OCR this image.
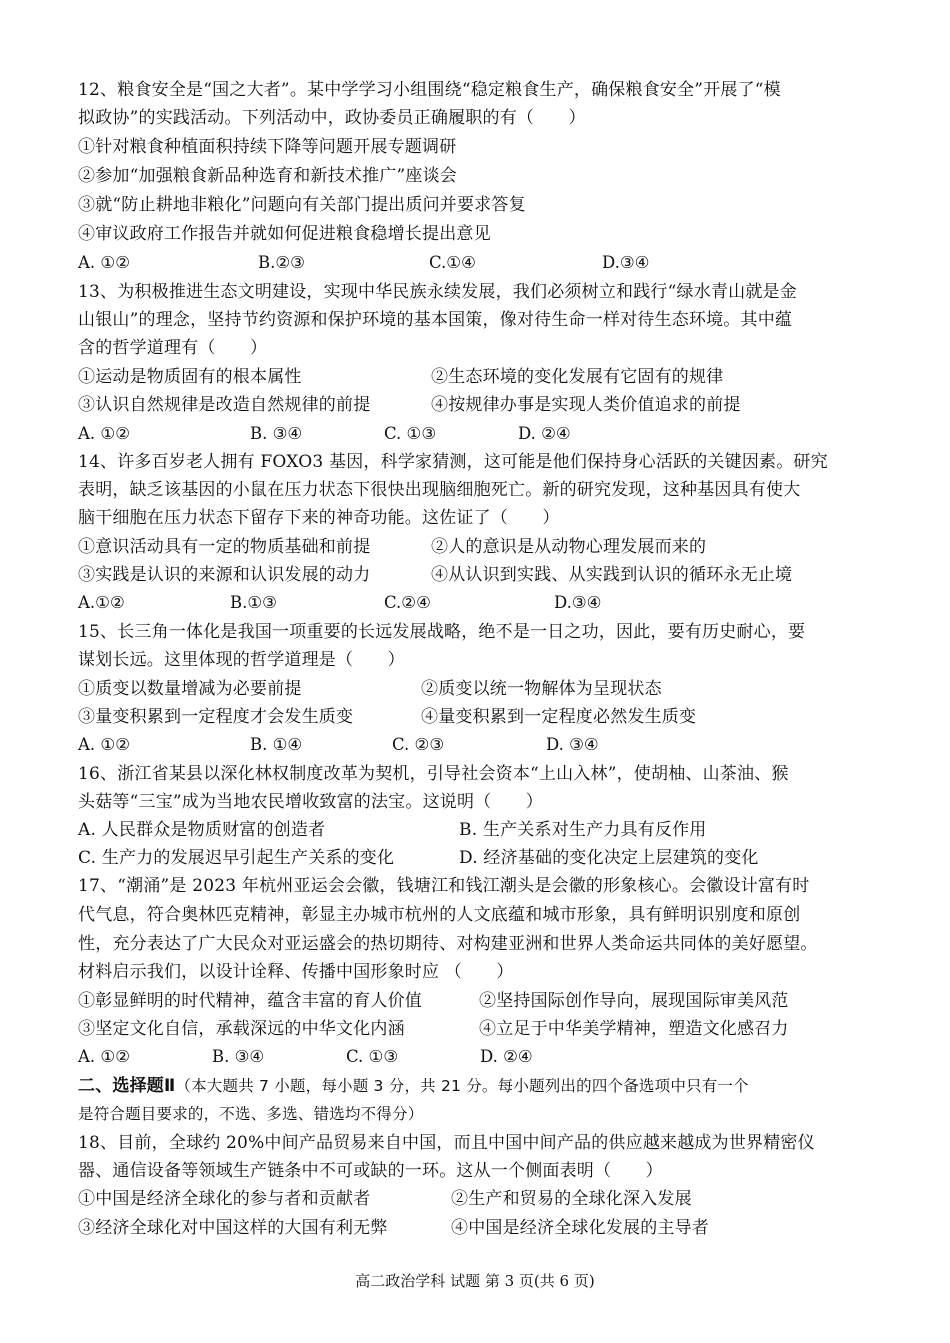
12、粮食安全是“国之大者”。某中学学习小组围绕“稳定粮食生产，确保粮食安全”开展了“模
拟政协”的实践活动。下列活动中，政协委员正确履职的有（　　）
①针对粮食种植面积持续下降等问题开展专题调研
②参加“加强粮食新品种选育和新技术推广”座谈会
③就“防止耕地非粮化”问题向有关部门提出质问并要求答复
④审议政府工作报告并就如何促进粮食稳增长提出意见
A. ①②	B.②③	C.①④	D.③④
13、为积极推进生态文明建设，实现中华民族永续发展，我们必须树立和践行“绿水青山就是金
山银山”的理念，坚持节约资源和保护环境的基本国策，像对待生命一样对待生态环境。其中蕴
含的哲学道理有（　　）
①运动是物质固有的根本属性	②生态环境的变化发展有它固有的规律
③认识自然规律是改造自然规律的前提	④按规律办事是实现人类价值追求的前提
A. ①②	B. ③④	C. ①③	D. ②④
14、许多百岁老人拥有 FOXO3 基因，科学家猜测，这可能是他们保持身心活跃的关键因素。研究
表明，缺乏该基因的小鼠在压力状态下很快出现脑细胞死亡。新的研究发现，这种基因具有使大
脑干细胞在压力状态下留存下来的神奇功能。这佐证了（　　）
①意识活动具有一定的物质基础和前提	②人的意识是从动物心理发展而来的
③实践是认识的来源和认识发展的动力	④从认识到实践、从实践到认识的循环永无止境
A.①②	B.①③	C.②④	D.③④
15、长三角一体化是我国一项重要的长远发展战略，绝不是一日之功，因此，要有历史耐心，要
谋划长远。这里体现的哲学道理是（　　）
①质变以数量增减为必要前提	②质变以统一物解体为呈现状态
③量变积累到一定程度才会发生质变	④量变积累到一定程度必然发生质变
A. ①②	B. ①④	C. ②③	D. ③④
16、浙江省某县以深化林权制度改革为契机，引导社会资本“上山入林”，使胡柚、山茶油、猴
头菇等“三宝”成为当地农民增收致富的法宝。这说明（　　）
A. 人民群众是物质财富的创造者	B. 生产关系对生产力具有反作用
C. 生产力的发展迟早引起生产关系的变化	D. 经济基础的变化决定上层建筑的变化
17、“潮涌”是 2023 年杭州亚运会会徽，钱塘江和钱江潮头是会徽的形象核心。会徽设计富有时
代气息，符合奥林匹克精神，彰显主办城市杭州的人文底蕴和城市形象，具有鲜明识别度和原创
性，充分表达了广大民众对亚运盛会的热切期待、对构建亚洲和世界人类命运共同体的美好愿望。
材料启示我们，以设计诠释、传播中国形象时应 （　　）
①彰显鲜明的时代精神，蕴含丰富的育人价值	②坚持国际创作导向，展现国际审美风范
③坚定文化自信，承载深远的中华文化内涵	④立足于中华美学精神，塑造文化感召力
A. ①②	B. ③④	C. ①③	D. ②④
二、选择题Ⅱ（本大题共 7 小题，每小题 3 分，共 21 分。每小题列出的四个备选项中只有一个
是符合题目要求的，不选、多选、错选均不得分）
18、目前，全球约 20%中间产品贸易来自中国，而且中国中间产品的供应越来越成为世界精密仪
器、通信设备等领域生产链条中不可或缺的一环。这从一个侧面表明（　　）
①中国是经济全球化的参与者和贡献者	②生产和贸易的全球化深入发展
③经济全球化对中国这样的大国有利无弊	④中国是经济全球化发展的主导者
高二政治学科 试题 第 3 页(共 6 页)
